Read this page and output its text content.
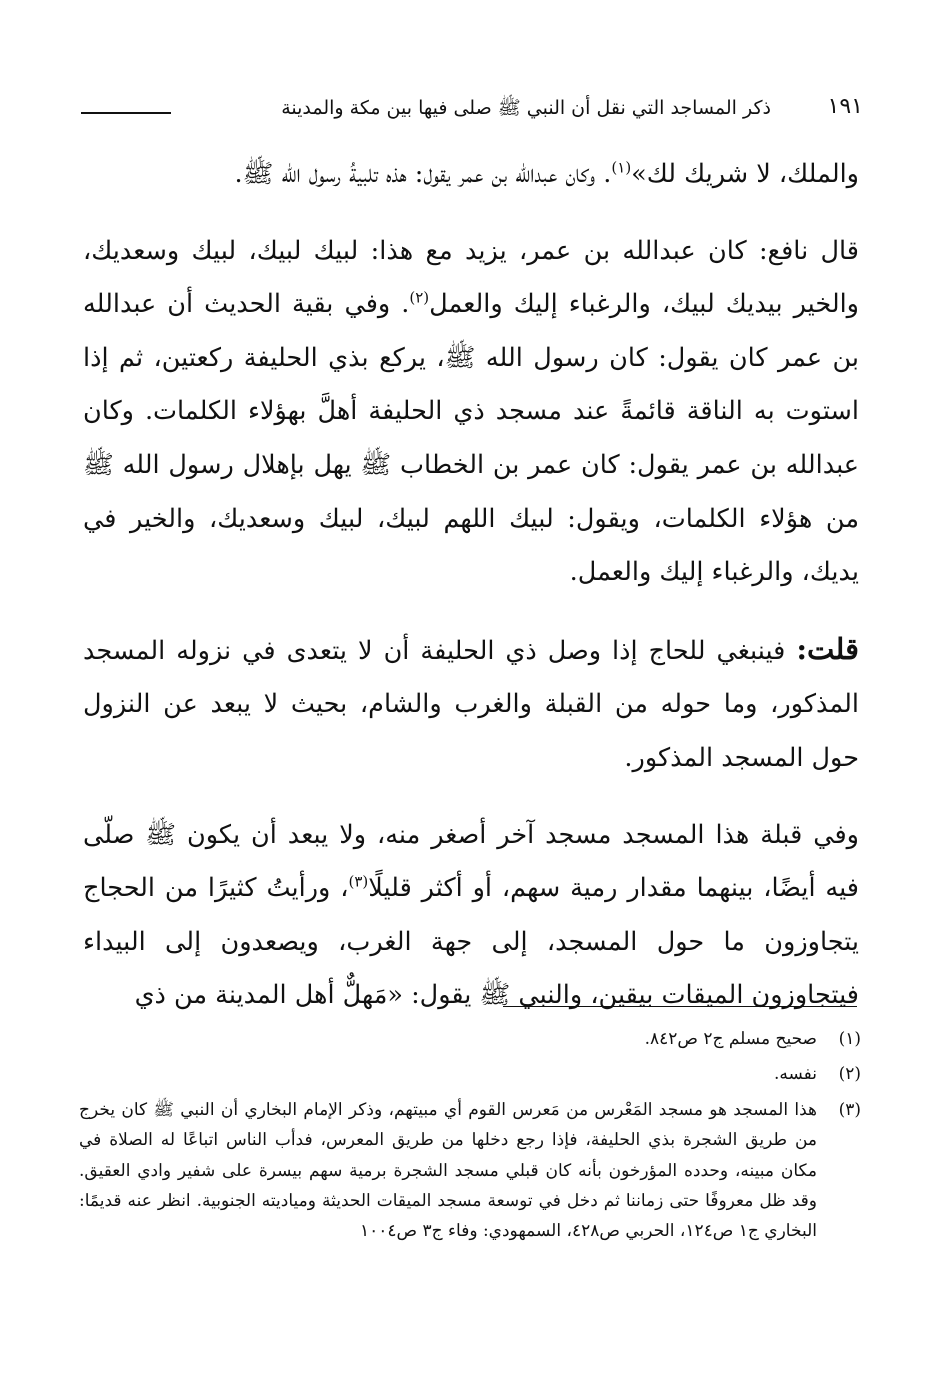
١٩١
ذكر المساجد التي نقل أن النبي ﷺ صلى فيها بين مكة والمدينة

والملك، لا شريك لك»$^{(١)}$. وكان عبدالله بن عمر يقول: هذه تلبيةُ رسول الله ﷺ.

قال نافع: كان عبدالله بن عمر، يزيد مع هذا: لبيك لبيك، لبيك وسعديك، والخير بيديك لبيك، والرغباء إليك والعمل$^{(٢)}$. وفي بقية الحديث أن عبدالله بن عمر كان يقول: كان رسول الله ﷺ، يركع بذي الحليفة ركعتين، ثم إذا استوت به الناقة قائمةً عند مسجد ذي الحليفة أهلَّ بهؤلاء الكلمات. وكان عبدالله بن عمر يقول: كان عمر بن الخطاب ﷺ يهل بإهلال رسول الله ﷺ من هؤلاء الكلمات، ويقول: لبيك اللهم لبيك، لبيك وسعديك، والخير في يديك، والرغباء إليك والعمل.

قلت: فينبغي للحاج إذا وصل ذي الحليفة أن لا يتعدى في نزوله المسجد المذكور، وما حوله من القبلة والغرب والشام، بحيث لا يبعد عن النزول حول المسجد المذكور.

وفي قبلة هذا المسجد مسجد آخر أصغر منه، ولا يبعد أن يكون ﷺ صلّى فيه أيضًا، بينهما مقدار رمية سهم، أو أكثر قليلًا$^{(٣)}$، ورأيتُ كثيرًا من الحجاج يتجاوزون ما حول المسجد، إلى جهة الغرب، ويصعدون إلى البيداء فيتجاوزون الميقات بيقين، والنبي ﷺ يقول: «مَهلٌّ أهل المدينة من ذي

(١)
صحيح مسلم ج٢ ص٨٤٢.
(٢)
نفسه.
(٣)
هذا المسجد هو مسجد المَعْرس من مَعرس القوم أي مبيتهم، وذكر الإمام البخاري أن النبي ﷺ كان يخرج من طريق الشجرة بذي الحليفة، فإذا رجع دخلها من طريق المعرس، فدأب الناس اتباعًا له الصلاة في مكان مبينه، وحدده المؤرخون بأنه كان قبلي مسجد الشجرة برمية سهم بيسرة على شفير وادي العقيق. وقد ظل معروفًا حتى زماننا ثم دخل في توسعة مسجد الميقات الحديثة ومياديته الجنوبية. انظر عنه قديمًا: البخاري ج١ ص١٢٤، الحربي ص٤٢٨، السمهودي: وفاء ج٣ ص١٠٠٤
